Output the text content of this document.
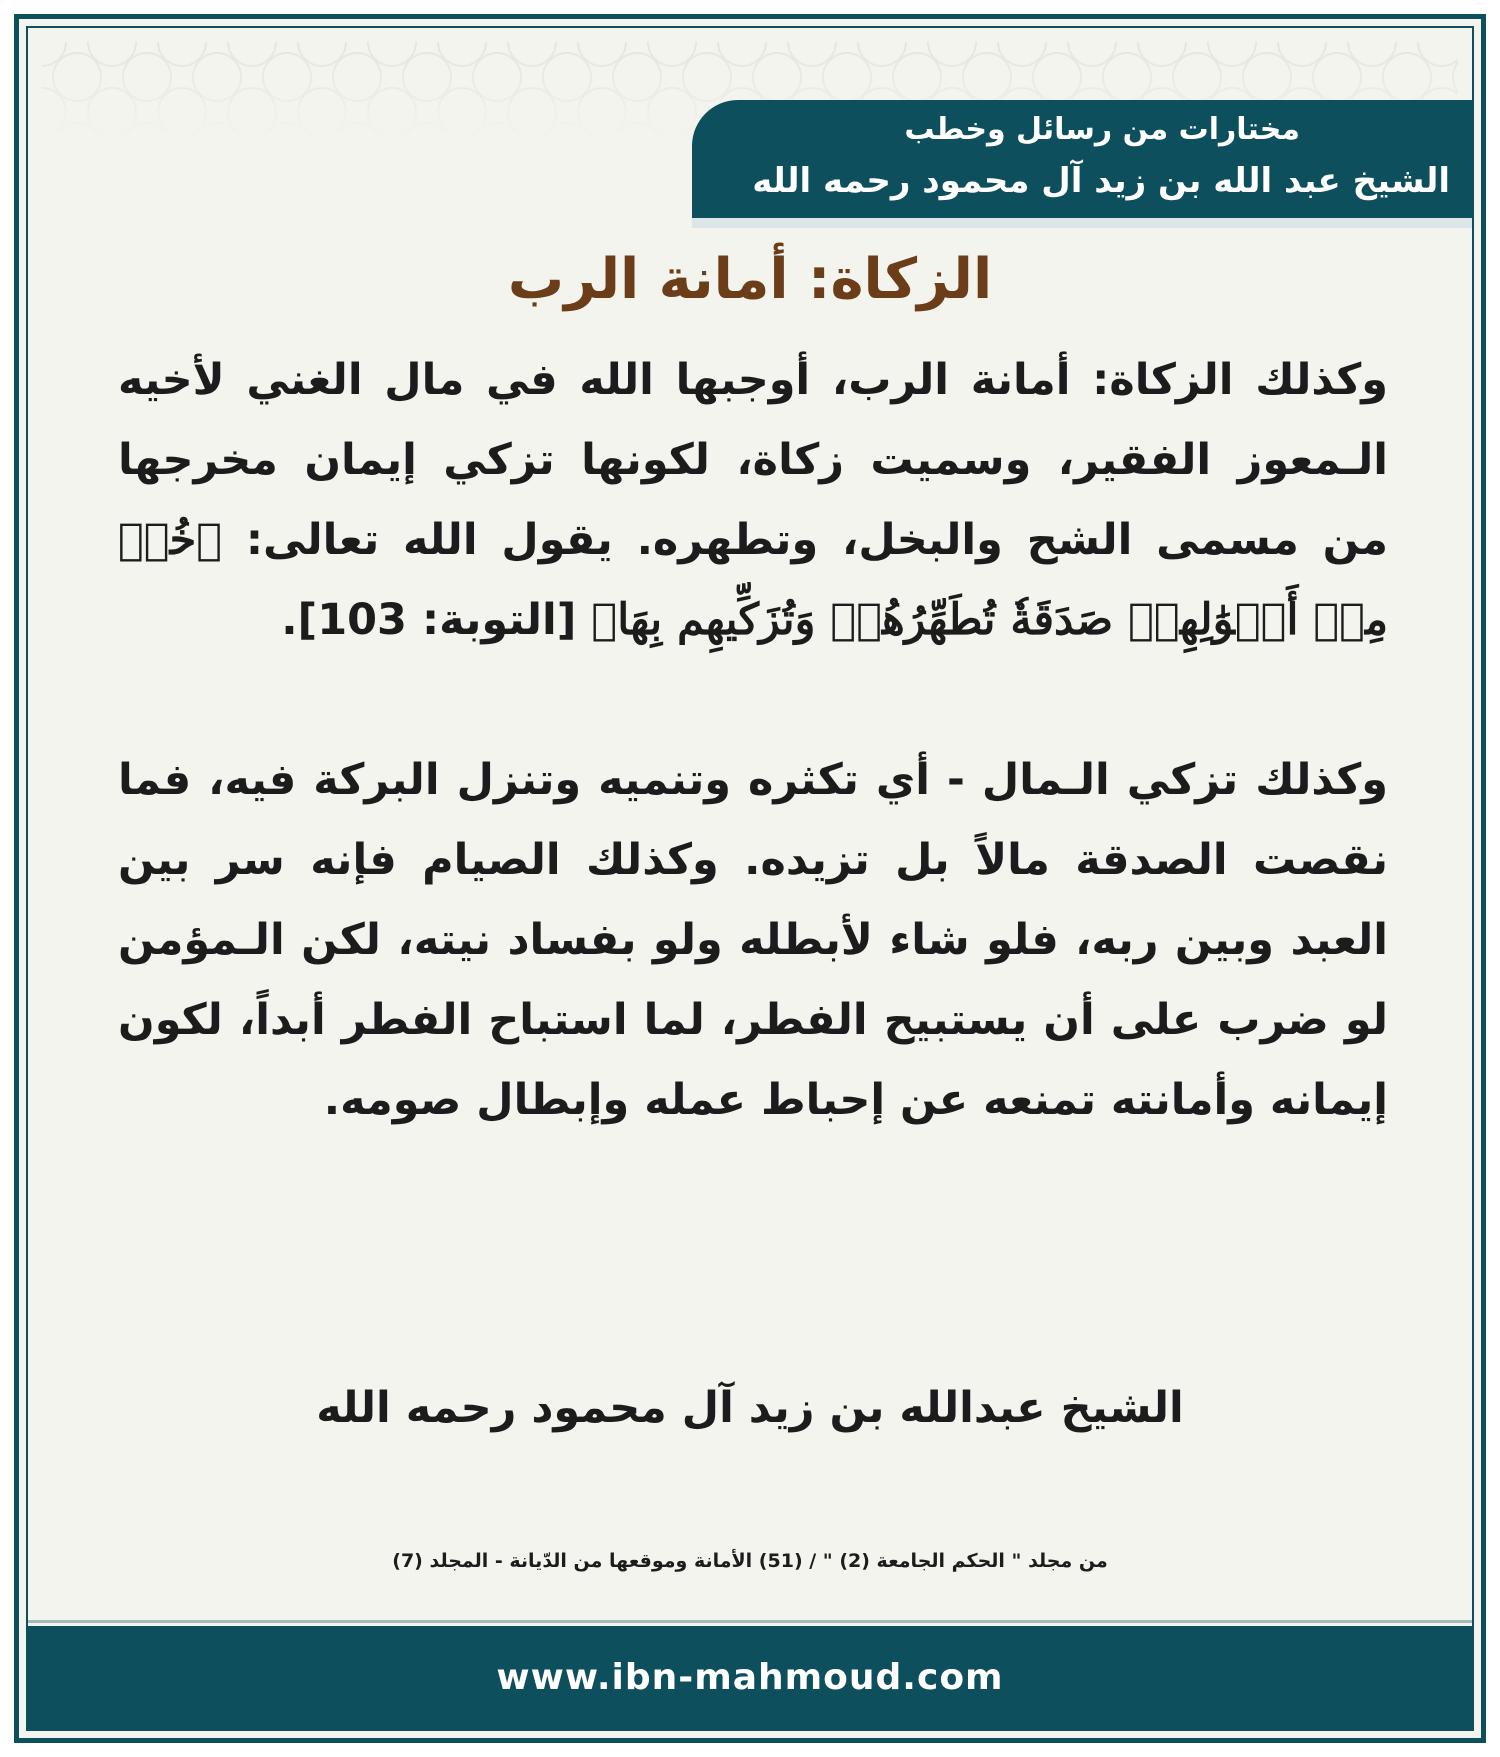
مختارات من رسائل وخطب
الشيخ عبد الله بن زيد آل محمود رحمه الله
الزكاة: أمانة الرب

وكذلك الزكاة: أمانة الرب، أوجبها الله في مال الغني لأخيه الـمعوز الفقير، وسميت زكاة، لكونها تزكي إيمان مخرجها من مسمى الشح والبخل، وتطهره. يقول الله تعالى: ﴿خُذۡ مِنۡ أَمۡوَٰلِهِمۡ صَدَقَةٗ تُطَهِّرُهُمۡ وَتُزَكِّيهِم بِهَا﴾ [التوبة: 103].

وكذلك تزكي الـمال - أي تكثره وتنميه وتنزل البركة فيه، فما نقصت الصدقة مالاً بل تزيده. وكذلك الصيام فإنه سر بين العبد وبين ربه، فلو شاء لأبطله ولو بفساد نيته، لكن الـمؤمن لو ضرب على أن يستبيح الفطر، لما استباح الفطر أبداً، لكون إيمانه وأمانته تمنعه عن إحباط عمله وإبطال صومه.

الشيخ عبدالله بن زيد آل محمود رحمه الله
من مجلد " الحكم الجامعة (2) " / (51) الأمانة وموقعها من الدّيانة - المجلد (7)
www.ibn-mahmoud.com
